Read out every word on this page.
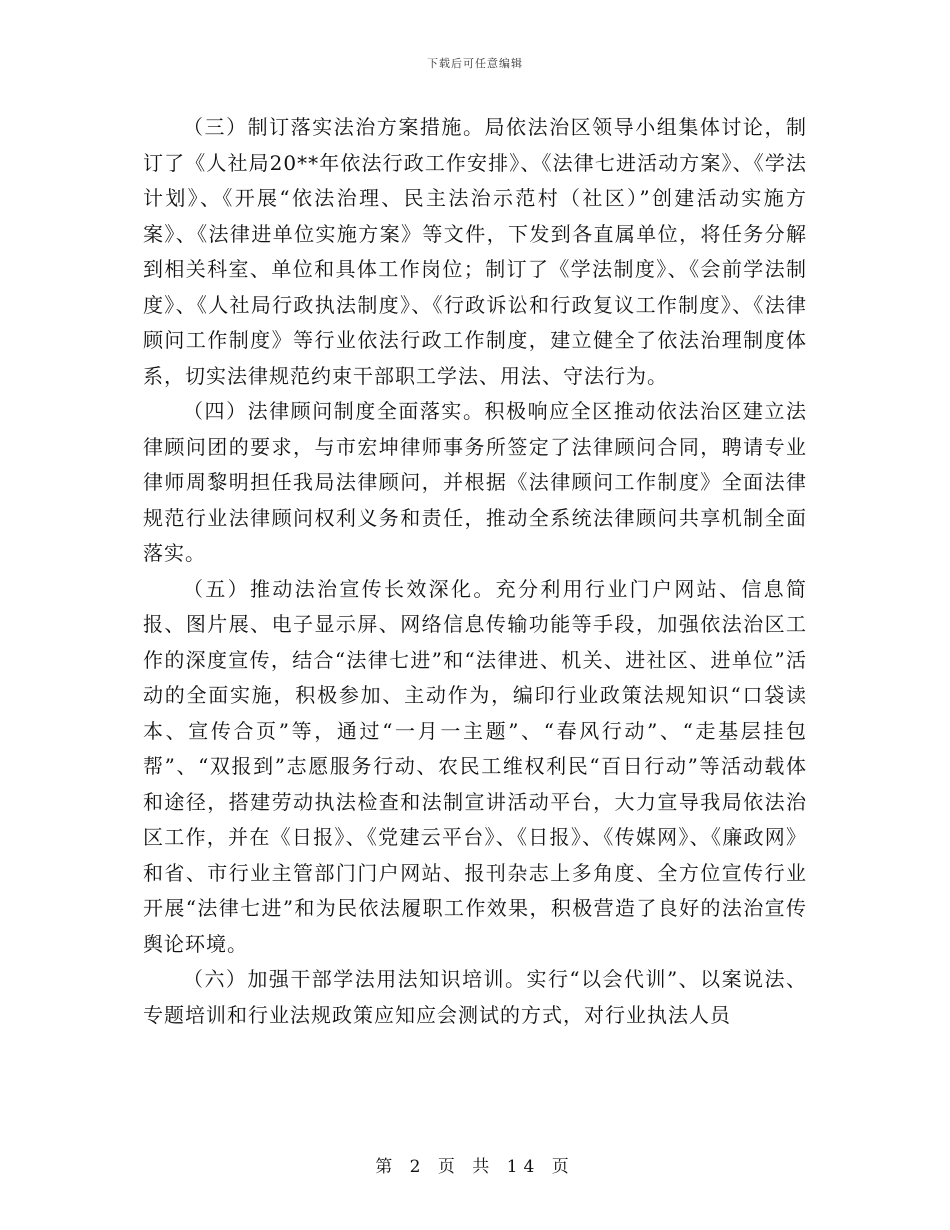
下载后可任意编辑

（三）制订落实法治方案措施。局依法治区领导小组集体讨论，制订了《人社局20**年依法行政工作安排》、《法律七进活动方案》、《学法计划》、《开展“依法治理、民主法治示范村（社区）”创建活动实施方案》、《法律进单位实施方案》等文件，下发到各直属单位，将任务分解到相关科室、单位和具体工作岗位；制订了《学法制度》、《会前学法制度》、《人社局行政执法制度》、《行政诉讼和行政复议工作制度》、《法律顾问工作制度》等行业依法行政工作制度，建立健全了依法治理制度体系，切实法律规范约束干部职工学法、用法、守法行为。

（四）法律顾问制度全面落实。积极响应全区推动依法治区建立法律顾问团的要求，与市宏坤律师事务所签定了法律顾问合同，聘请专业律师周黎明担任我局法律顾问，并根据《法律顾问工作制度》全面法律规范行业法律顾问权利义务和责任，推动全系统法律顾问共享机制全面落实。

（五）推动法治宣传长效深化。充分利用行业门户网站、信息简报、图片展、电子显示屏、网络信息传输功能等手段，加强依法治区工作的深度宣传，结合“法律七进”和“法律进、机关、进社区、进单位”活动的全面实施，积极参加、主动作为，编印行业政策法规知识“口袋读本、宣传合页”等，通过“一月一主题”、“春风行动”、“走基层挂包帮”、“双报到”志愿服务行动、农民工维权利民“百日行动”等活动载体和途径，搭建劳动执法检查和法制宣讲活动平台，大力宣导我局依法治区工作，并在《日报》、《党建云平台》、《日报》、《传媒网》、《廉政网》和省、市行业主管部门门户网站、报刊杂志上多角度、全方位宣传行业开展“法律七进”和为民依法履职工作效果，积极营造了良好的法治宣传舆论环境。

（六）加强干部学法用法知识培训。实行“以会代训”、以案说法、专题培训和行业法规政策应知应会测试的方式，对行业执法人员

第 2 页 共 14 页
